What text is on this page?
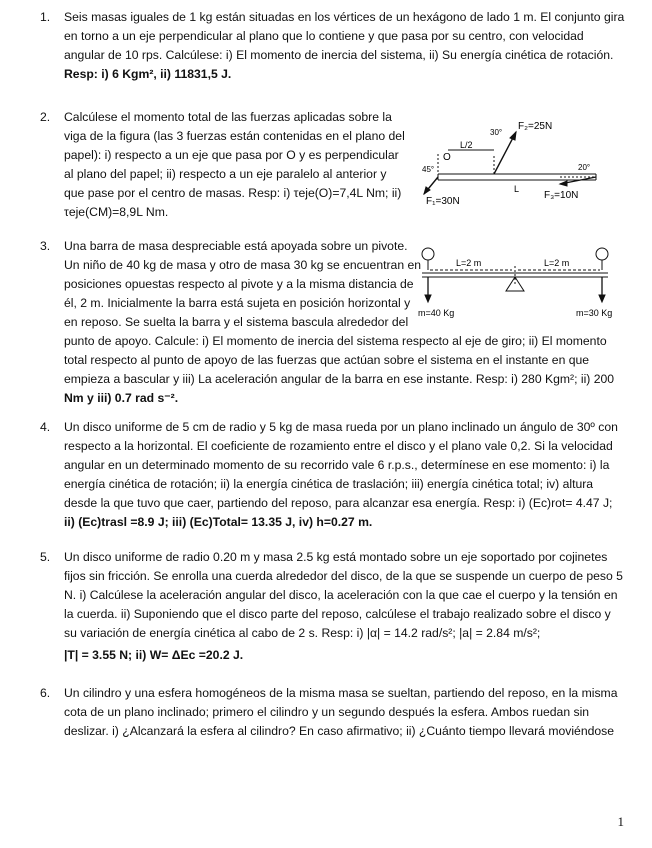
1. Seis masas iguales de 1 kg están situadas en los vértices de un hexágono de lado 1 m. El conjunto gira
en torno a un eje perpendicular al plano que lo contiene y que pasa por su centro, con velocidad
angular de 10 rps. Calcúlese: i) El momento de inercia del sistema, ii) Su energía cinética de rotación.
Resp: i) 6 Kgm², ii) 11831,5 J.
2. Calcúlese el momento total de las fuerzas aplicadas sobre la
viga de la figura (las 3 fuerzas están contenidas en el plano del
papel): i) respecto a un eje que pasa por O y es perpendicular
al plano del papel; ii) respecto a un eje paralelo al anterior y
que pase por el centro de masas. Resp: i) τeje(O)=7,4L Nm; ii)
τeje(CM)=8,9L Nm.
F₂=25N
30°
L/2
O
45°	20°
L
F₁=30N
F₃=10N
3. Una barra de masa despreciable está apoyada sobre un pivote.
Un niño de 40 kg de masa y otro de masa 30 kg se encuentran en
posiciones opuestas respecto al pivote y a la misma distancia de
él, 2 m. Inicialmente la barra está sujeta en posición horizontal y
en reposo. Se suelta la barra y el sistema bascula alrededor del
punto de apoyo. Calcule: i) El momento de inercia del sistema respecto al eje de giro; ii) El momento
total respecto al punto de apoyo de las fuerzas que actúan sobre el sistema en el instante en que
empieza a bascular y iii) La aceleración angular de la barra en ese instante. Resp: i) 280 Kgm²; ii) 200
Nm y iii) 0.7 rad s⁻².
L=2 m	L=2 m
m=40 Kg	m=30 Kg
4. Un disco uniforme de 5 cm de radio y 5 kg de masa rueda por un plano inclinado un ángulo de 30º con
respecto a la horizontal. El coeficiente de rozamiento entre el disco y el plano vale 0,2. Si la velocidad
angular en un determinado momento de su recorrido vale 6 r.p.s., determínese en ese momento: i) la
energía cinética de rotación; ii) la energía cinética de traslación; iii) energía cinética total; iv) altura
desde la que tuvo que caer, partiendo del reposo, para alcanzar esa energía. Resp: i) (Ec)rot= 4.47 J;
ii) (Ec)trasl =8.9 J; iii) (Ec)Total= 13.35 J, iv) h=0.27 m.
5. Un disco uniforme de radio 0.20 m y masa 2.5 kg está montado sobre un eje soportado por cojinetes
fijos sin fricción. Se enrolla una cuerda alrededor del disco, de la que se suspende un cuerpo de peso 5
N. i) Calcúlese la aceleración angular del disco, la aceleración con la que cae el cuerpo y la tensión en
la cuerda. ii) Suponiendo que el disco parte del reposo, calcúlese el trabajo realizado sobre el disco y
su variación de energía cinética al cabo de 2 s. Resp: i) |α| = 14.2 rad/s²; |a| = 2.84 m/s²;
|T| = 3.55 N; ii) W= ΔEc =20.2 J.
6. Un cilindro y una esfera homogéneos de la misma masa se sueltan, partiendo del reposo, en la misma
cota de un plano inclinado; primero el cilindro y un segundo después la esfera. Ambos ruedan sin
deslizar. i) ¿Alcanzará la esfera al cilindro? En caso afirmativo; ii) ¿Cuánto tiempo llevará moviéndose
1
